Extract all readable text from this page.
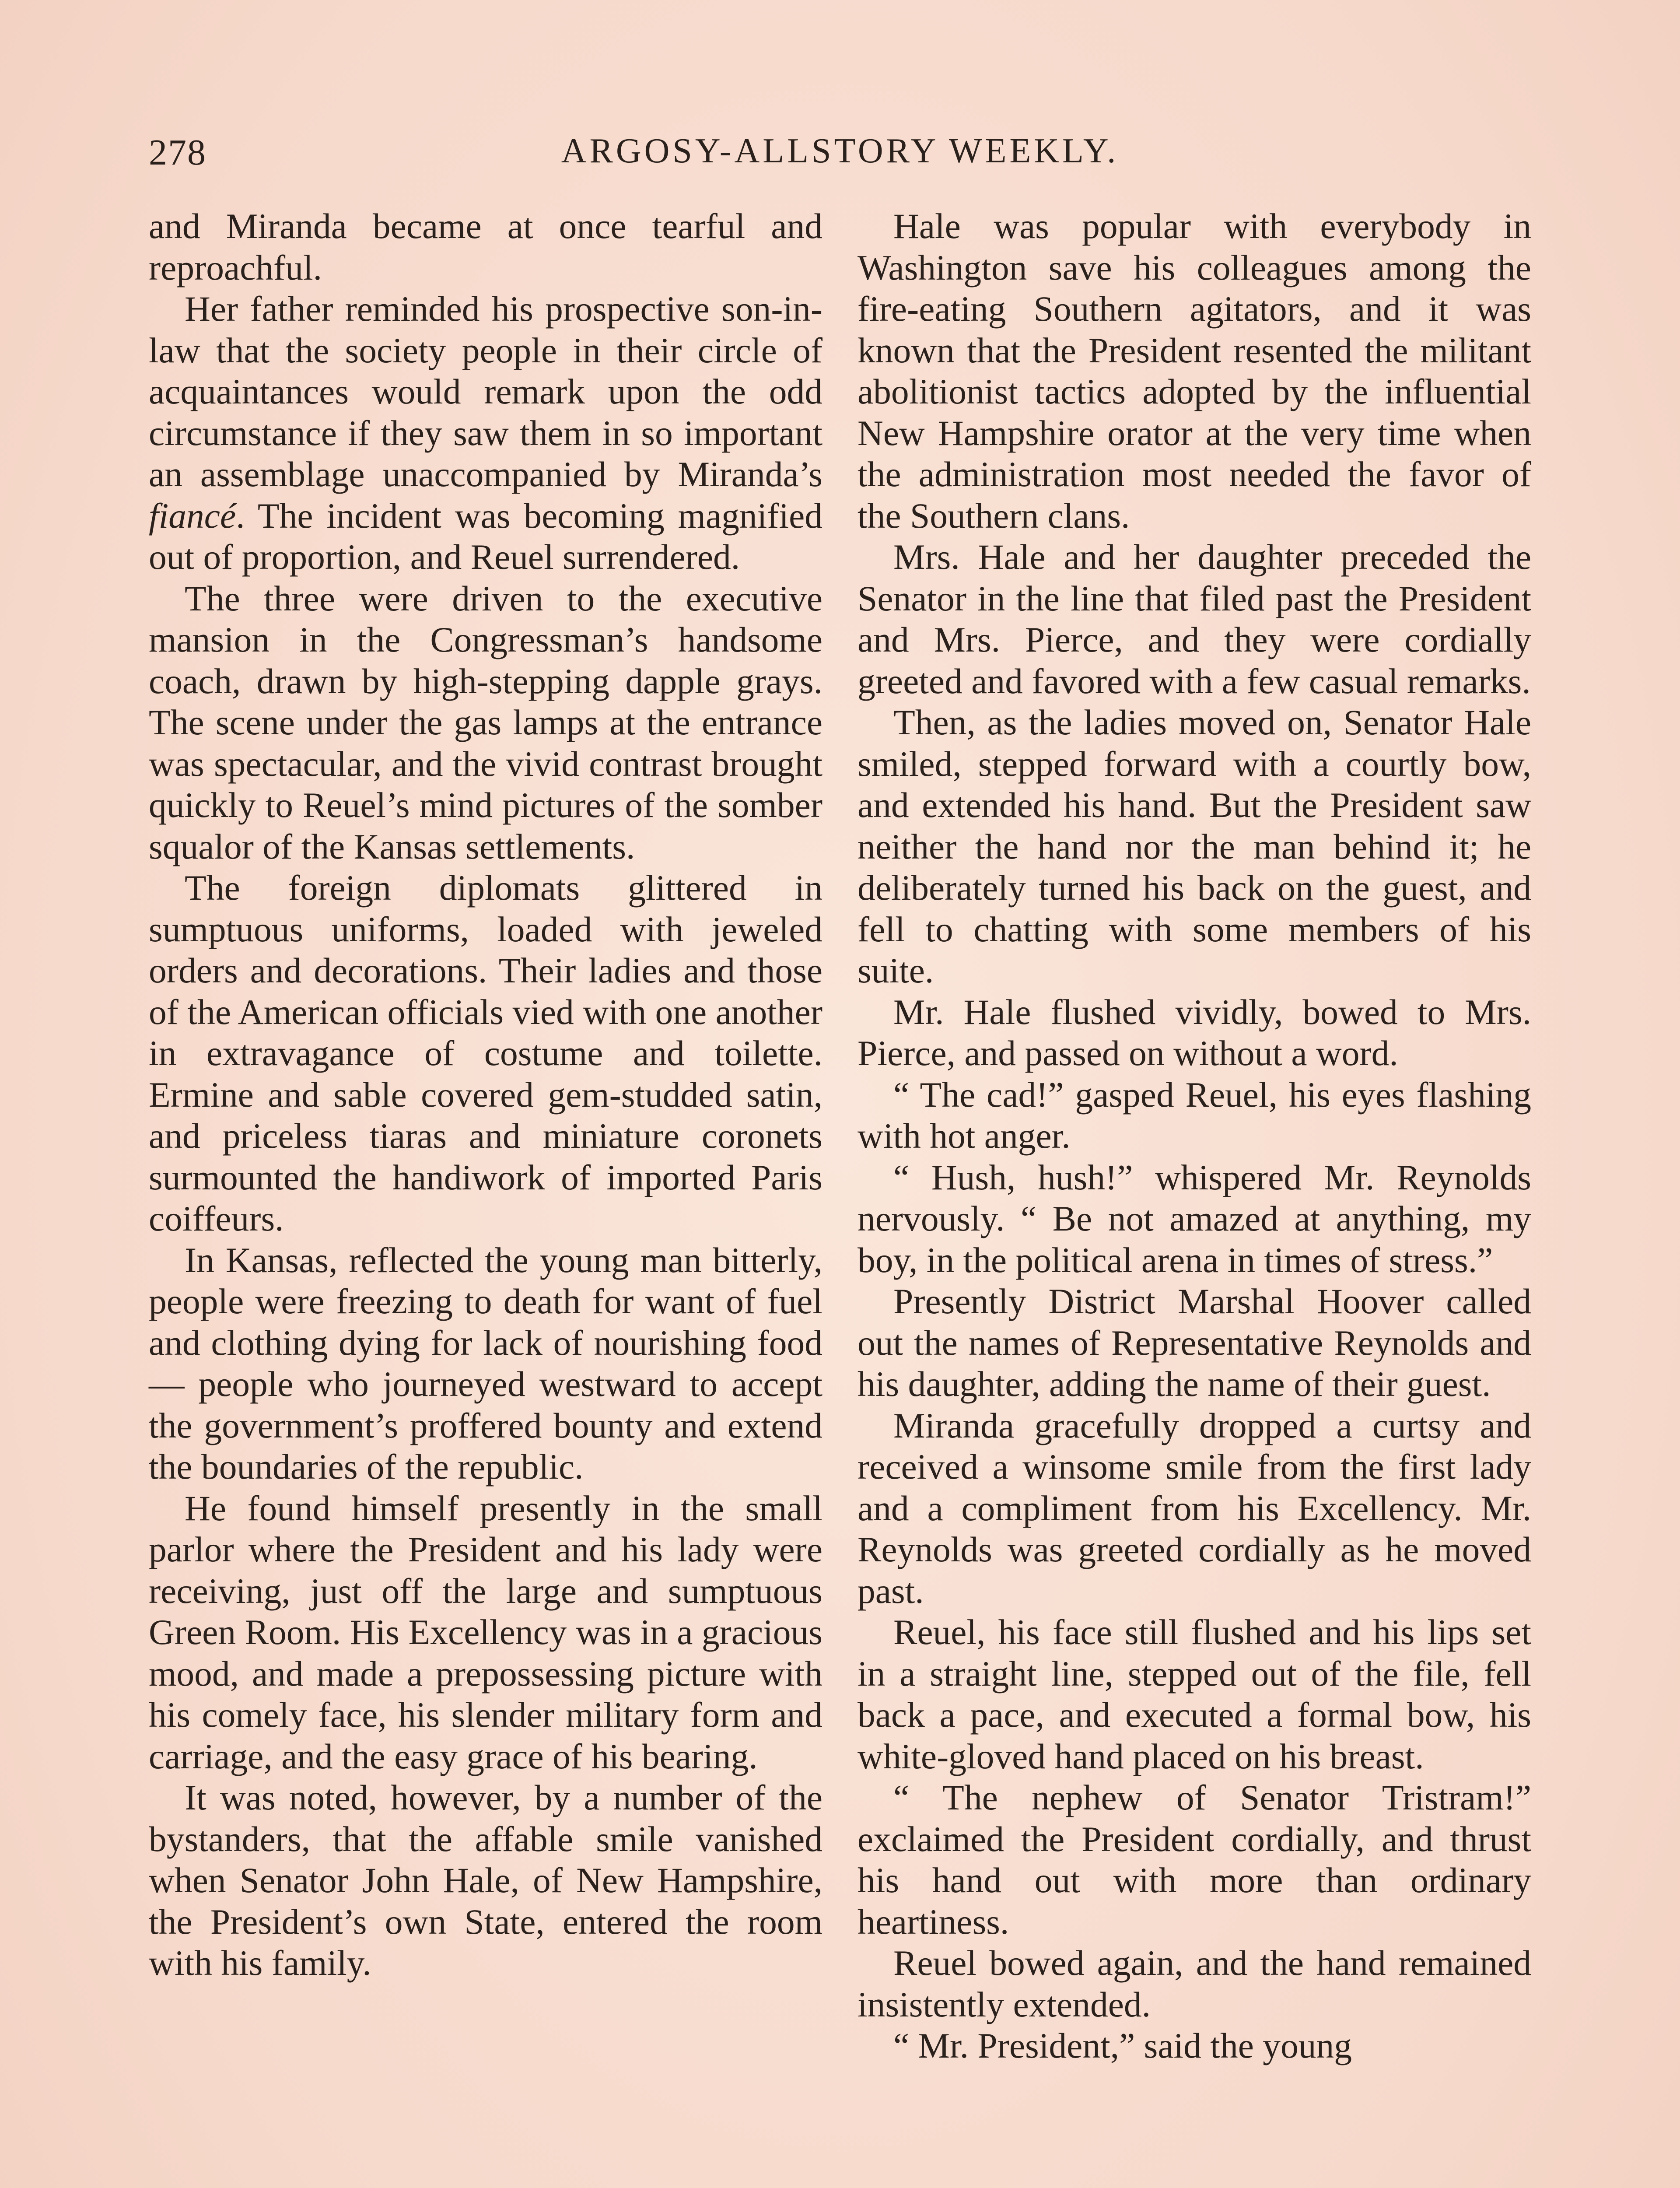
278	ARGOSY-ALLSTORY WEEKLY.

and Miranda became at once tearful and reproachful.

Her father reminded his prospective son-in-law that the society people in their circle of acquaintances would remark upon the odd circumstance if they saw them in so important an assemblage unaccompanied by Miranda’s fiancé. The incident was becoming magnified out of proportion, and Reuel surrendered.

The three were driven to the executive mansion in the Congressman’s handsome coach, drawn by high-stepping dapple grays. The scene under the gas lamps at the entrance was spectacular, and the vivid contrast brought quickly to Reuel’s mind pictures of the somber squalor of the Kansas settlements.

The foreign diplomats glittered in sumptuous uniforms, loaded with jeweled orders and decorations. Their ladies and those of the American officials vied with one another in extravagance of costume and toilette. Ermine and sable covered gem-studded satin, and priceless tiaras and miniature coronets surmounted the handiwork of imported Paris coiffeurs.

In Kansas, reflected the young man bitterly, people were freezing to death for want of fuel and clothing dying for lack of nourishing food — people who journeyed westward to accept the government’s proffered bounty and extend the boundaries of the republic.

He found himself presently in the small parlor where the President and his lady were receiving, just off the large and sumptuous Green Room. His Excellency was in a gracious mood, and made a prepossessing picture with his comely face, his slender military form and carriage, and the easy grace of his bearing.

It was noted, however, by a number of the bystanders, that the affable smile vanished when Senator John Hale, of New Hampshire, the President’s own State, entered the room with his family.

Hale was popular with everybody in Washington save his colleagues among the fire-eating Southern agitators, and it was known that the President resented the militant abolitionist tactics adopted by the influential New Hampshire orator at the very time when the administration most needed the favor of the Southern clans.

Mrs. Hale and her daughter preceded the Senator in the line that filed past the President and Mrs. Pierce, and they were cordially greeted and favored with a few casual remarks.

Then, as the ladies moved on, Senator Hale smiled, stepped forward with a courtly bow, and extended his hand. But the President saw neither the hand nor the man behind it; he deliberately turned his back on the guest, and fell to chatting with some members of his suite.

Mr. Hale flushed vividly, bowed to Mrs. Pierce, and passed on without a word.

“ The cad!” gasped Reuel, his eyes flashing with hot anger.

“ Hush, hush!” whispered Mr. Reynolds nervously. “ Be not amazed at anything, my boy, in the political arena in times of stress.”

Presently District Marshal Hoover called out the names of Representative Reynolds and his daughter, adding the name of their guest.

Miranda gracefully dropped a curtsy and received a winsome smile from the first lady and a compliment from his Excellency. Mr. Reynolds was greeted cordially as he moved past.

Reuel, his face still flushed and his lips set in a straight line, stepped out of the file, fell back a pace, and executed a formal bow, his white-gloved hand placed on his breast.

“ The nephew of Senator Tristram!” exclaimed the President cordially, and thrust his hand out with more than ordinary heartiness.

Reuel bowed again, and the hand remained insistently extended.

“ Mr. President,” said the young
